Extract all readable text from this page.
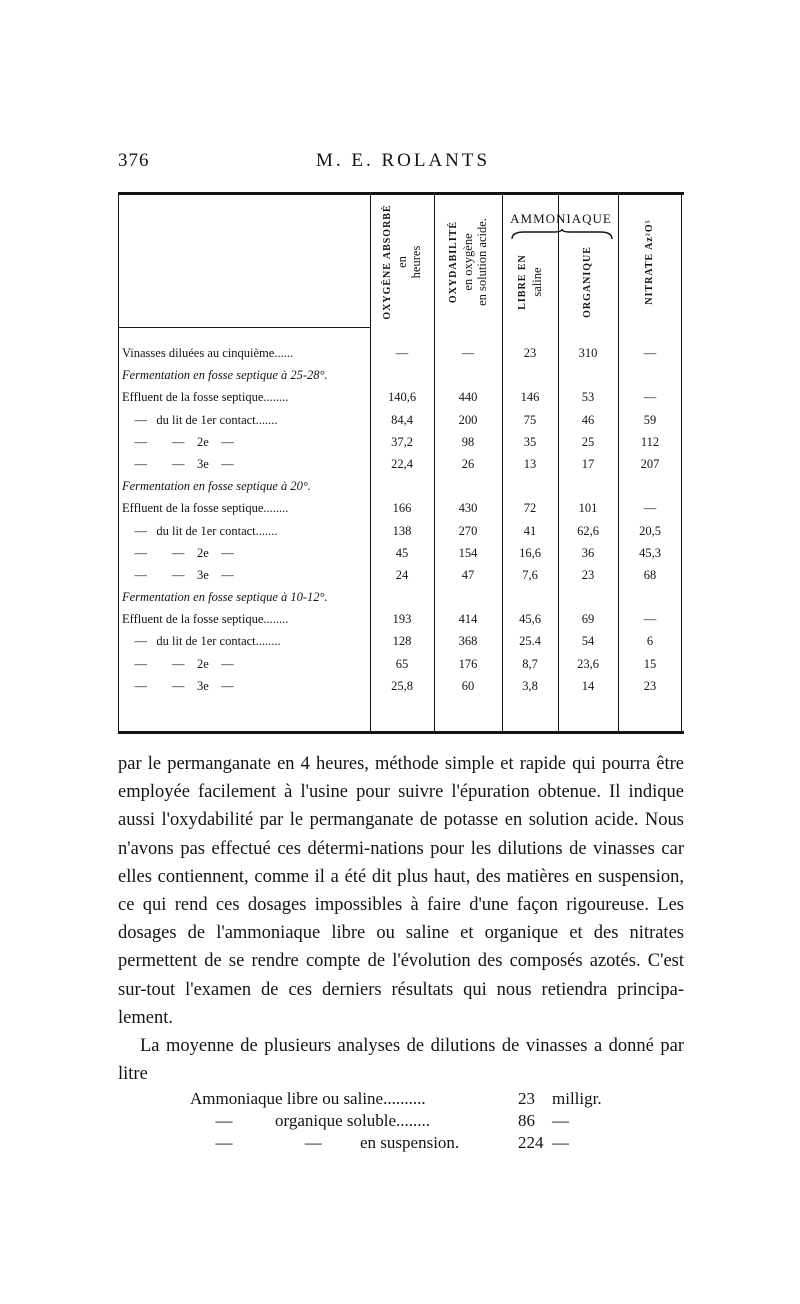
376	M. E. ROLANTS
OXYGÈNE ABSORBÉ en heures	OXYDABILITÉ en oxygène en solution acide.	AMMONIAQUE
LIBRE EN saline	ORGANIQUE	NITRATE Az²O⁵
Vinasses diluées au cinquième......	—	—	23	310	—
Fermentation en fosse septique à 25-28°.
Effluent de la fosse septique........	140,6	440	146	53	—
—   du lit de 1er contact.......	84,4	200	75	46	59
—        —    2e    —	37,2	98	35	25	112
—        —    3e    —	22,4	26	13	17	207
Fermentation en fosse septique à 20°.
Effluent de la fosse septique........	166	430	72	101	—
—   du lit de 1er contact.......	138	270	41	62,6	20,5
—        —    2e    —	45	154	16,6	36	45,3
—        —    3e    —	24	47	7,6	23	68
Fermentation en fosse septique à 10-12°.
Effluent de la fosse septique........	193	414	45,6	69	—
—   du lit de 1er contact........	128	368	25.4	54	6
—        —    2e    —	65	176	8,7	23,6	15
—        —    3e    —	25,8	60	3,8	14	23

par le permanganate en 4 heures, méthode simple et rapide qui pourra être employée facilement à l'usine pour suivre l'épuration obtenue. Il indique aussi l'oxydabilité par le permanganate de potasse en solution acide. Nous n'avons pas effectué ces détermi-nations pour les dilutions de vinasses car elles contiennent, comme il a été dit plus haut, des matières en suspension, ce qui rend ces dosages impossibles à faire d'une façon rigoureuse. Les dosages de l'ammoniaque libre ou saline et organique et des nitrates permettent de se rendre compte de l'évolution des composés azotés. C'est sur-tout l'examen de ces derniers résultats qui nous retiendra principa-lement.

La moyenne de plusieurs analyses de dilutions de vinasses a donné par litre

Ammoniaque libre ou saline..........	23 milligr.
—          organique soluble........	86 —
—                 —         en suspension.	224 —
